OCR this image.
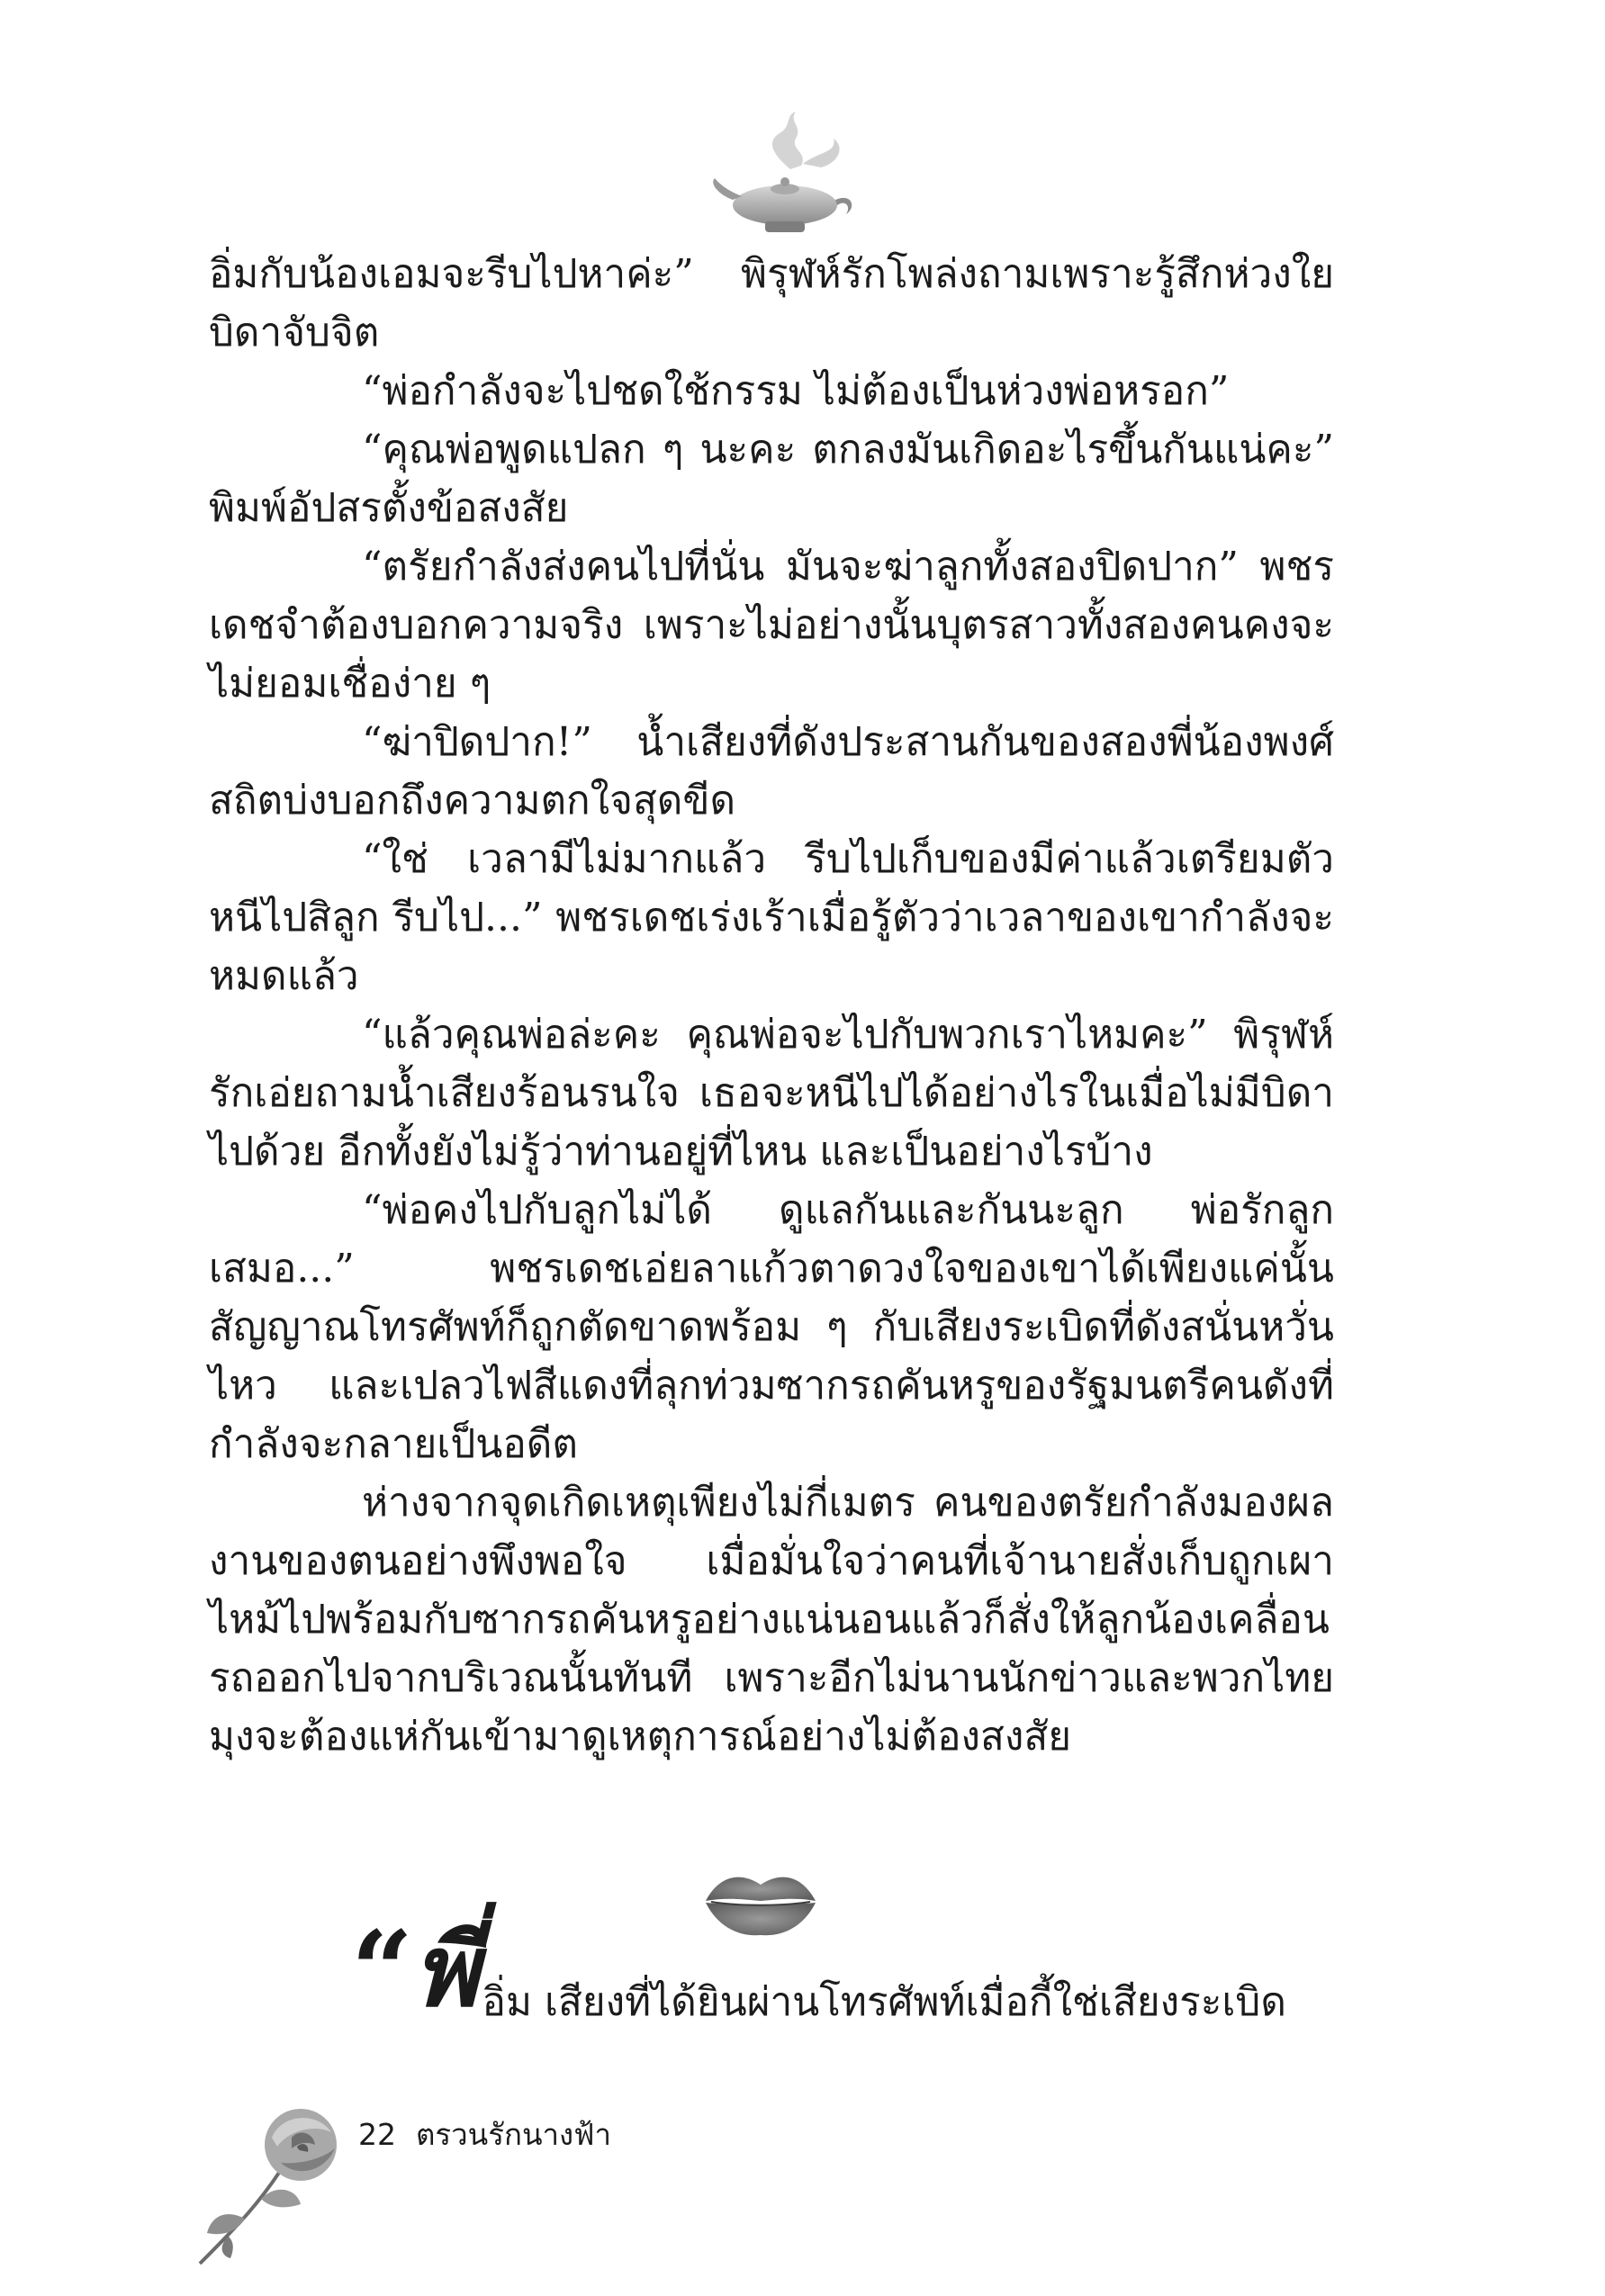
อิ่มกับน้องเอมจะรีบไปหาค่ะ” พิรุฬห์รักโพล่งถามเพราะรู้สึกห่วงใยบิดาจับจิต

“พ่อกำลังจะไปชดใช้กรรม ไม่ต้องเป็นห่วงพ่อหรอก”

“คุณพ่อพูดแปลก ๆ นะคะ ตกลงมันเกิดอะไรขึ้นกันแน่คะ” พิมพ์อัปสรตั้งข้อสงสัย

“ตรัยกำลังส่งคนไปที่นั่น มันจะฆ่าลูกทั้งสองปิดปาก” พชรเดชจำต้องบอกความจริง เพราะไม่อย่างนั้นบุตรสาวทั้งสองคนคงจะไม่ยอมเชื่อง่าย ๆ

“ฆ่าปิดปาก!” น้ำเสียงที่ดังประสานกันของสองพี่น้องพงศ์สถิตบ่งบอกถึงความตกใจสุดขีด

“ใช่ เวลามีไม่มากแล้ว รีบไปเก็บของมีค่าแล้วเตรียมตัวหนีไปสิลูก รีบไป...” พชรเดชเร่งเร้าเมื่อรู้ตัวว่าเวลาของเขากำลังจะหมดแล้ว

“แล้วคุณพ่อล่ะคะ คุณพ่อจะไปกับพวกเราไหมคะ” พิรุฬห์รักเอ่ยถามน้ำเสียงร้อนรนใจ เธอจะหนีไปได้อย่างไรในเมื่อไม่มีบิดาไปด้วย อีกทั้งยังไม่รู้ว่าท่านอยู่ที่ไหน และเป็นอย่างไรบ้าง

“พ่อคงไปกับลูกไม่ได้ ดูแลกันและกันนะลูก พ่อรักลูกเสมอ...” พชรเดชเอ่ยลาแก้วตาดวงใจของเขาได้เพียงแค่นั้น สัญญาณโทรศัพท์ก็ถูกตัดขาดพร้อม ๆ กับเสียงระเบิดที่ดังสนั่นหวั่นไหว และเปลวไฟสีแดงที่ลุกท่วมซากรถคันหรูของรัฐมนตรีคนดังที่กำลังจะกลายเป็นอดีต

ห่างจากจุดเกิดเหตุเพียงไม่กี่เมตร คนของตรัยกำลังมองผลงานของตนอย่างพึงพอใจ เมื่อมั่นใจว่าคนที่เจ้านายสั่งเก็บถูกเผาไหม้ไปพร้อมกับซากรถคันหรูอย่างแน่นอนแล้วก็สั่งให้ลูกน้องเคลื่อนรถออกไปจากบริเวณนั้นทันที เพราะอีกไม่นานนักข่าวและพวกไทยมุงจะต้องแห่กันเข้ามาดูเหตุการณ์อย่างไม่ต้องสงสัย

“พี่อิ่ม เสียงที่ได้ยินผ่านโทรศัพท์เมื่อกี้ใช่เสียงระเบิด
22 ตรวนรักนางฟ้า
